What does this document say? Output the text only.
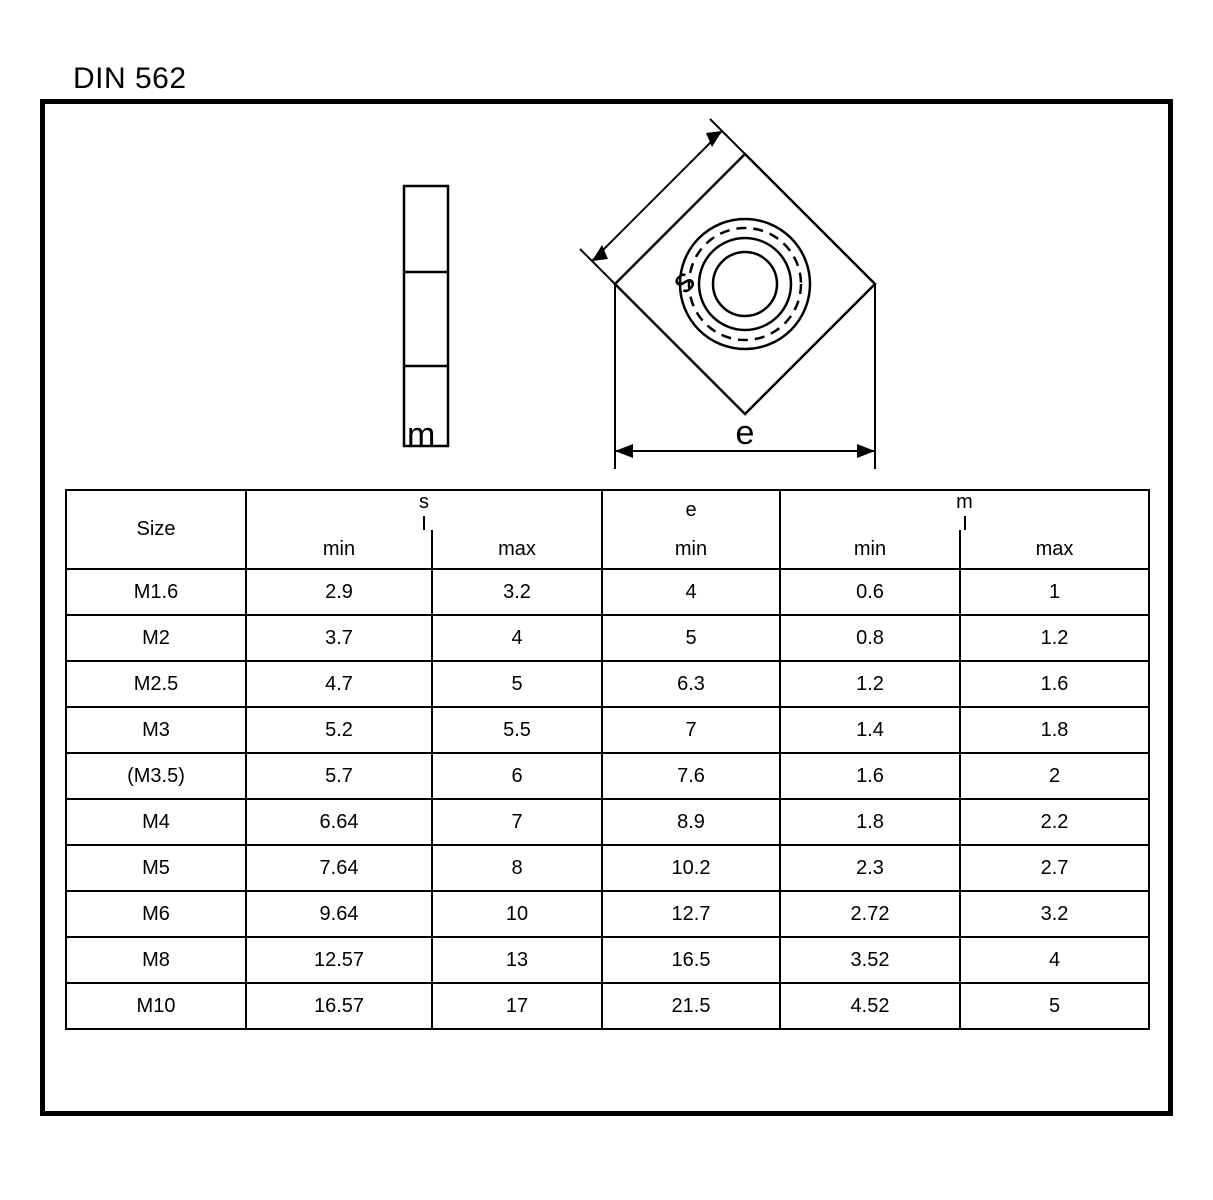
DIN 562
s
e
m
Size	s		e	m	

	min	max	min	min	max
M1.6	2.9	3.2	4	0.6	1
M2	3.7	4	5	0.8	1.2
M2.5	4.7	5	6.3	1.2	1.6
M3	5.2	5.5	7	1.4	1.8
(M3.5)	5.7	6	7.6	1.6	2
M4	6.64	7	8.9	1.8	2.2
M5	7.64	8	10.2	2.3	2.7
M6	9.64	10	12.7	2.72	3.2
M8	12.57	13	16.5	3.52	4
M10	16.57	17	21.5	4.52	5
